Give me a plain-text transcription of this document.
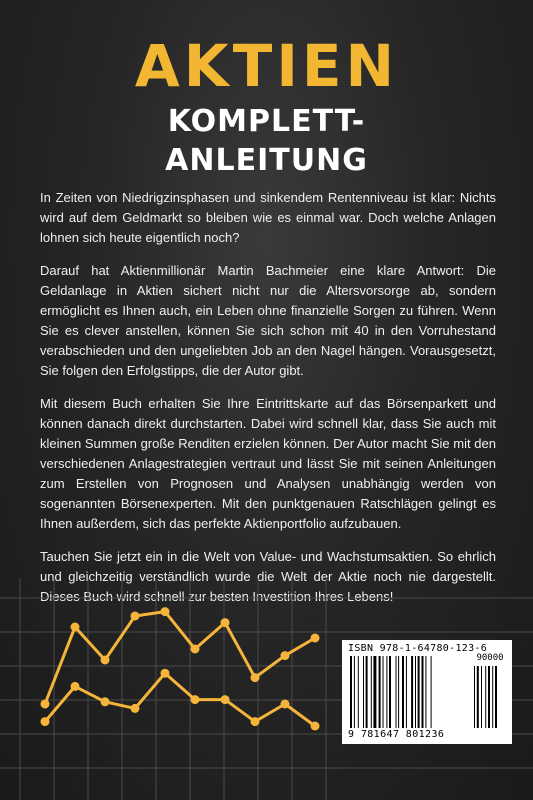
AKTIEN
KOMPLETT-
ANLEITUNG

In Zeiten von Niedrigzinsphasen und sinkendem Rentenniveau ist klar: Nichts wird auf dem Geldmarkt so bleiben wie es einmal war. Doch welche Anlagen lohnen sich heute eigentlich noch?

Darauf hat Aktienmillionär Martin Bachmeier eine klare Antwort: Die Geldanlage in Aktien sichert nicht nur die Altersvorsorge ab, sondern ermöglicht es Ihnen auch, ein Leben ohne finanzielle Sorgen zu führen. Wenn Sie es clever anstellen, können Sie sich schon mit 40 in den Vorruhestand verabschieden und den ungeliebten Job an den Nagel hängen. Vorausgesetzt, Sie folgen den Erfolgstipps, die der Autor gibt.

Mit diesem Buch erhalten Sie Ihre Eintrittskarte auf das Börsenparkett und können danach direkt durchstarten. Dabei wird schnell klar, dass Sie auch mit kleinen Summen große Renditen erzielen können. Der Autor macht Sie mit den verschiedenen Anlagestrategien vertraut und lässt Sie mit seinen Anleitungen zum Erstellen von Prognosen und Analysen unabhängig werden von sogenannten Börsenexperten. Mit den punktgenauen Ratschlägen gelingt es Ihnen außerdem, sich das perfekte Aktienportfolio aufzubauen.

Tauchen Sie jetzt ein in die Welt von Value- und Wachstumsaktien. So ehrlich und gleichzeitig verständlich wurde die Welt der Aktie noch nie dargestellt. Dieses Buch wird schnell zur besten Investition Ihres Lebens!

ISBN 978-1-64780-123-6
90000
9 781647 801236
